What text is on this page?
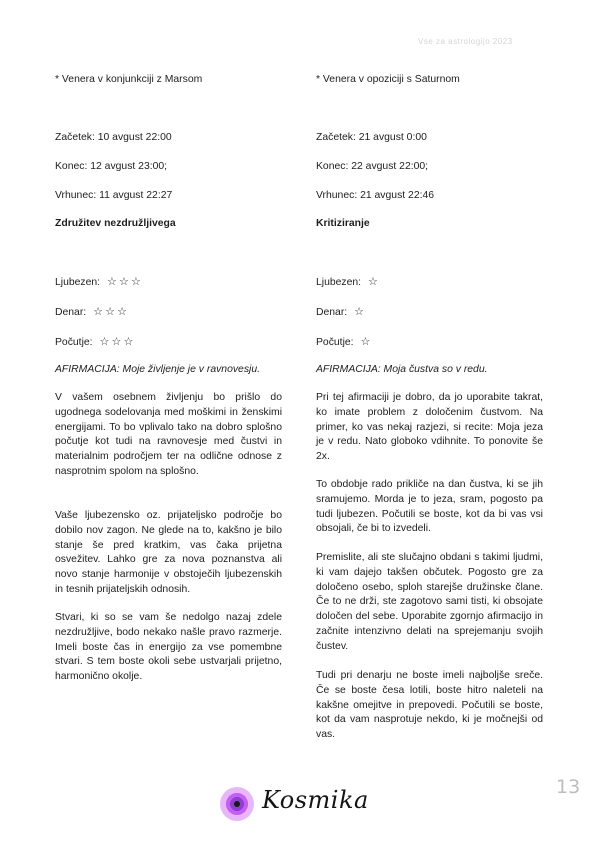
Vse za astrologijo 2023
* Venera v konjunkciji z Marsom
Začetek: 10 avgust 22:00
Konec: 12 avgust 23:00;
Vrhunec: 11 avgust 22:27
Združitev nezdružljivega
Ljubezen: ☆ ☆ ☆
Denar: ☆ ☆ ☆
Počutje: ☆ ☆ ☆
AFIRMACIJA: Moje življenje je v ravnovesju.
V vašem osebnem življenju bo prišlo do ugodnega sodelovanja med moškimi in ženskimi energijami. To bo vplivalo tako na dobro splošno počutje kot tudi na ravnovesje med čustvi in materialnim področjem ter na odlične odnose z nasprotnim spolom na splošno.
Vaše ljubezensko oz. prijateljsko področje bo dobilo nov zagon. Ne glede na to, kakšno je bilo stanje še pred kratkim, vas čaka prijetna osvežitev. Lahko gre za nova poznanstva ali novo stanje harmonije v obstoječih ljubezenskih in tesnih prijateljskih odnosih.
Stvari, ki so se vam še nedolgo nazaj zdele nezdružljive, bodo nekako našle pravo razmerje. Imeli boste čas in energijo za vse pomembne stvari. S tem boste okoli sebe ustvarjali prijetno, harmonično okolje.
* Venera v opoziciji s Saturnom
Začetek: 21 avgust 0:00
Konec: 22 avgust 22:00;
Vrhunec: 21 avgust 22:46
Kritiziranje
Ljubezen: ☆
Denar: ☆
Počutje: ☆
AFIRMACIJA: Moja čustva so v redu.
Pri tej afirmaciji je dobro, da jo uporabite takrat, ko imate problem z določenim čustvom. Na primer, ko vas nekaj razjezi, si recite: Moja jeza je v redu. Nato globoko vdihnite. To ponovite še 2x.
To obdobje rado prikliče na dan čustva, ki se jih sramujemo. Morda je to jeza, sram, pogosto pa tudi ljubezen. Počutili se boste, kot da bi vas vsi obsojali, če bi to izvedeli.
Premislite, ali ste slučajno obdani s takimi ljudmi, ki vam dajejo takšen občutek. Pogosto gre za določeno osebo, sploh starejše družinske člane. Če to ne drži, ste zagotovo sami tisti, ki obsojate določen del sebe. Uporabite zgornjo afirmacijo in začnite intenzivno delati na sprejemanju svojih čustev.
Tudi pri denarju ne boste imeli najboljše sreče. Če se boste česa lotili, boste hitro naleteli na kakšne omejitve in prepovedi. Počutili se boste, kot da vam nasprotuje nekdo, ki je močnejši od vas.
13
Kosmika
